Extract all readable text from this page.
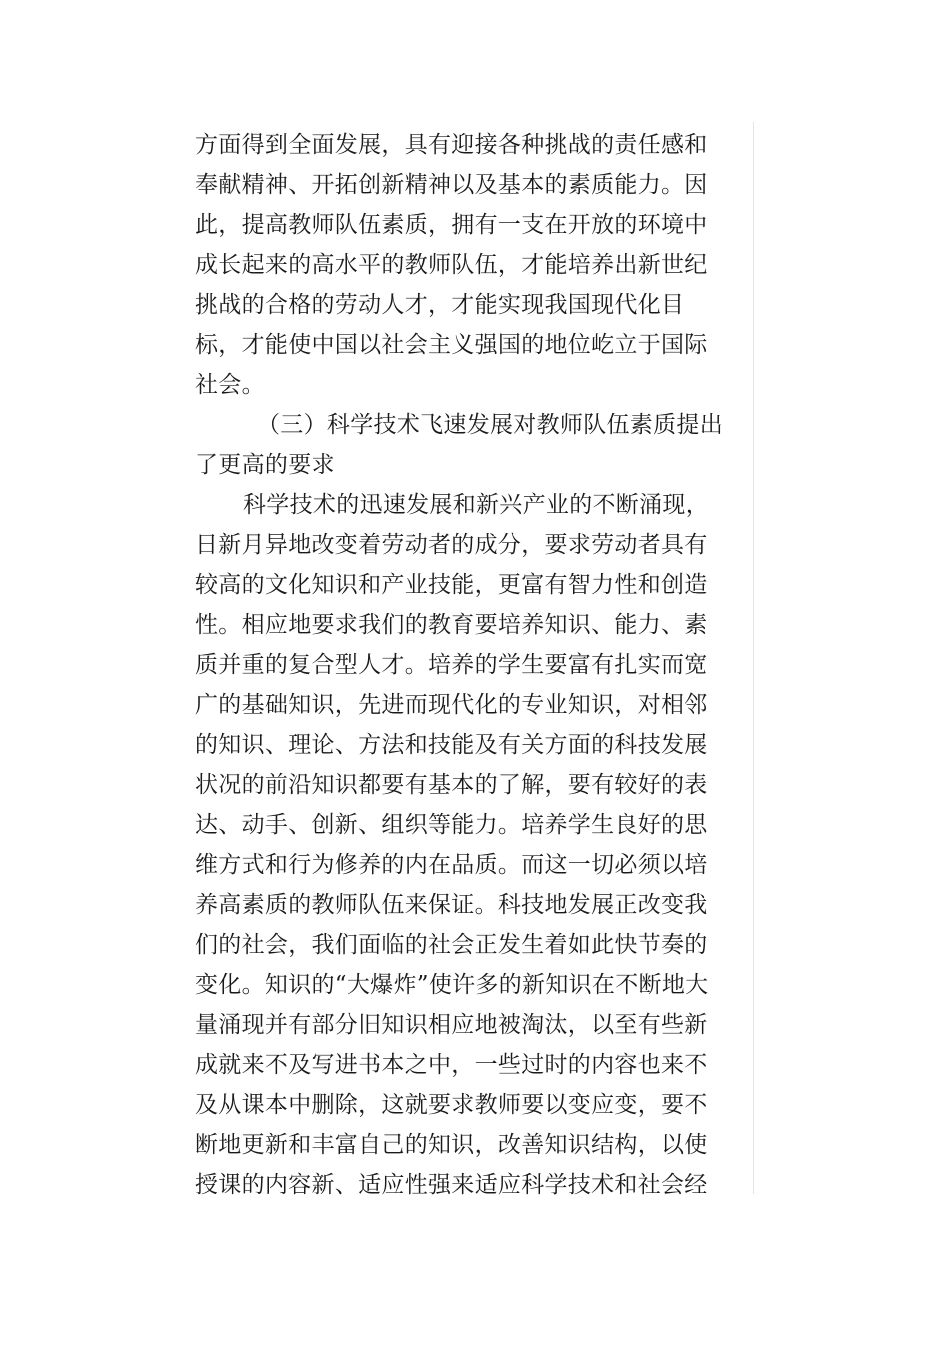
方面得到全面发展，具有迎接各种挑战的责任感和
奉献精神、开拓创新精神以及基本的素质能力。因
此，提高教师队伍素质，拥有一支在开放的环境中
成长起来的高水平的教师队伍，才能培养出新世纪
挑战的合格的劳动人才，才能实现我国现代化目
标，才能使中国以社会主义强国的地位屹立于国际
社会。
（三）科学技术飞速发展对教师队伍素质提出
了更高的要求
科学技术的迅速发展和新兴产业的不断涌现，
日新月异地改变着劳动者的成分，要求劳动者具有
较高的文化知识和产业技能，更富有智力性和创造
性。相应地要求我们的教育要培养知识、能力、素
质并重的复合型人才。培养的学生要富有扎实而宽
广的基础知识，先进而现代化的专业知识，对相邻
的知识、理论、方法和技能及有关方面的科技发展
状况的前沿知识都要有基本的了解，要有较好的表
达、动手、创新、组织等能力。培养学生良好的思
维方式和行为修养的内在品质。而这一切必须以培
养高素质的教师队伍来保证。科技地发展正改变我
们的社会，我们面临的社会正发生着如此快节奏的
变化。知识的“大爆炸”使许多的新知识在不断地大
量涌现并有部分旧知识相应地被淘汰，以至有些新
成就来不及写进书本之中，一些过时的内容也来不
及从课本中删除，这就要求教师要以变应变，要不
断地更新和丰富自己的知识，改善知识结构，以使
授课的内容新、适应性强来适应科学技术和社会经
